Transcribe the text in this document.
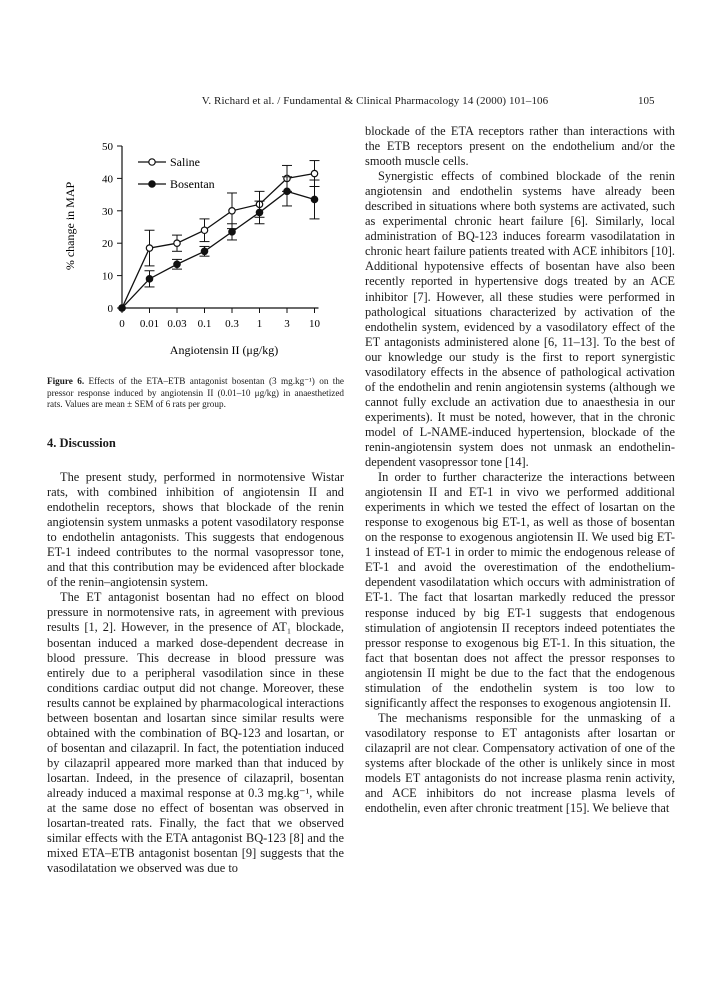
V. Richard et al. / Fundamental & Clinical Pharmacology 14 (2000) 101–106	105
0
10
20
30
40
50
0 0.01 0.03 0.1 0.3 1 3 10
Saline
Bosentan
% change in MAP
Angiotensin II (μg/kg)
Figure 6. Effects of the ETA–ETB antagonist bosentan (3 mg.kg⁻¹) on the pressor response induced by angiotensin II (0.01–10 μg/kg) in anaesthetized rats. Values are mean ± SEM of 6 rats per group.
4. Discussion

The present study, performed in normotensive Wistar rats, with combined inhibition of angiotensin II and endothelin receptors, shows that blockade of the renin angiotensin system unmasks a potent vasodilatory response to endothelin antagonists. This suggests that endogenous ET-1 indeed contributes to the normal vasopressor tone, and that this contribution may be evidenced after blockade of the renin–angiotensin system.

The ET antagonist bosentan had no effect on blood pressure in normotensive rats, in agreement with previous results [1, 2]. However, in the presence of AT₁ blockade, bosentan induced a marked dose-dependent decrease in blood pressure. This decrease in blood pressure was entirely due to a peripheral vasodilation since in these conditions cardiac output did not change. Moreover, these results cannot be explained by pharmacological interactions between bosentan and losartan since similar results were obtained with the combination of BQ-123 and losartan, or of bosentan and cilazapril. In fact, the potentiation induced by cilazapril appeared more marked than that induced by losartan. Indeed, in the presence of cilazapril, bosentan already induced a maximal response at 0.3 mg.kg⁻¹, while at the same dose no effect of bosentan was observed in losartan-treated rats. Finally, the fact that we observed similar effects with the ETA antagonist BQ-123 [8] and the mixed ETA–ETB antagonist bosentan [9] suggests that the vasodilatation we observed was due to

blockade of the ETA receptors rather than interactions with the ETB receptors present on the endothelium and/or the smooth muscle cells.

Synergistic effects of combined blockade of the renin angiotensin and endothelin systems have already been described in situations where both systems are activated, such as experimental chronic heart failure [6]. Similarly, local administration of BQ-123 induces forearm vasodilatation in chronic heart failure patients treated with ACE inhibitors [10]. Additional hypotensive effects of bosentan have also been recently reported in hypertensive dogs treated by an ACE inhibitor [7]. However, all these studies were performed in pathological situations characterized by activation of the endothelin system, evidenced by a vasodilatory effect of the ET antagonists administered alone [6, 11–13]. To the best of our knowledge our study is the first to report synergistic vasodilatory effects in the absence of pathological activation of the endothelin and renin angiotensin systems (although we cannot fully exclude an activation due to anaesthesia in our experiments). It must be noted, however, that in the chronic model of L-NAME-induced hypertension, blockade of the renin-angiotensin system does not unmask an endothelin-dependent vasopressor tone [14].

In order to further characterize the interactions between angiotensin II and ET-1 in vivo we performed additional experiments in which we tested the effect of losartan on the response to exogenous big ET-1, as well as those of bosentan on the response to exogenous angiotensin II. We used big ET-1 instead of ET-1 in order to mimic the endogenous release of ET-1 and avoid the overestimation of the endothelium-dependent vasodilatation which occurs with administration of ET-1. The fact that losartan markedly reduced the pressor response induced by big ET-1 suggests that endogenous stimulation of angiotensin II receptors indeed potentiates the pressor response to exogenous big ET-1. In this situation, the fact that bosentan does not affect the pressor responses to angiotensin II might be due to the fact that the endogenous stimulation of the endothelin system is too low to significantly affect the responses to exogenous angiotensin II.

The mechanisms responsible for the unmasking of a vasodilatory response to ET antagonists after losartan or cilazapril are not clear. Compensatory activation of one of the systems after blockade of the other is unlikely since in most models ET antagonists do not increase plasma renin activity, and ACE inhibitors do not increase plasma levels of endothelin, even after chronic treatment [15]. We believe that
